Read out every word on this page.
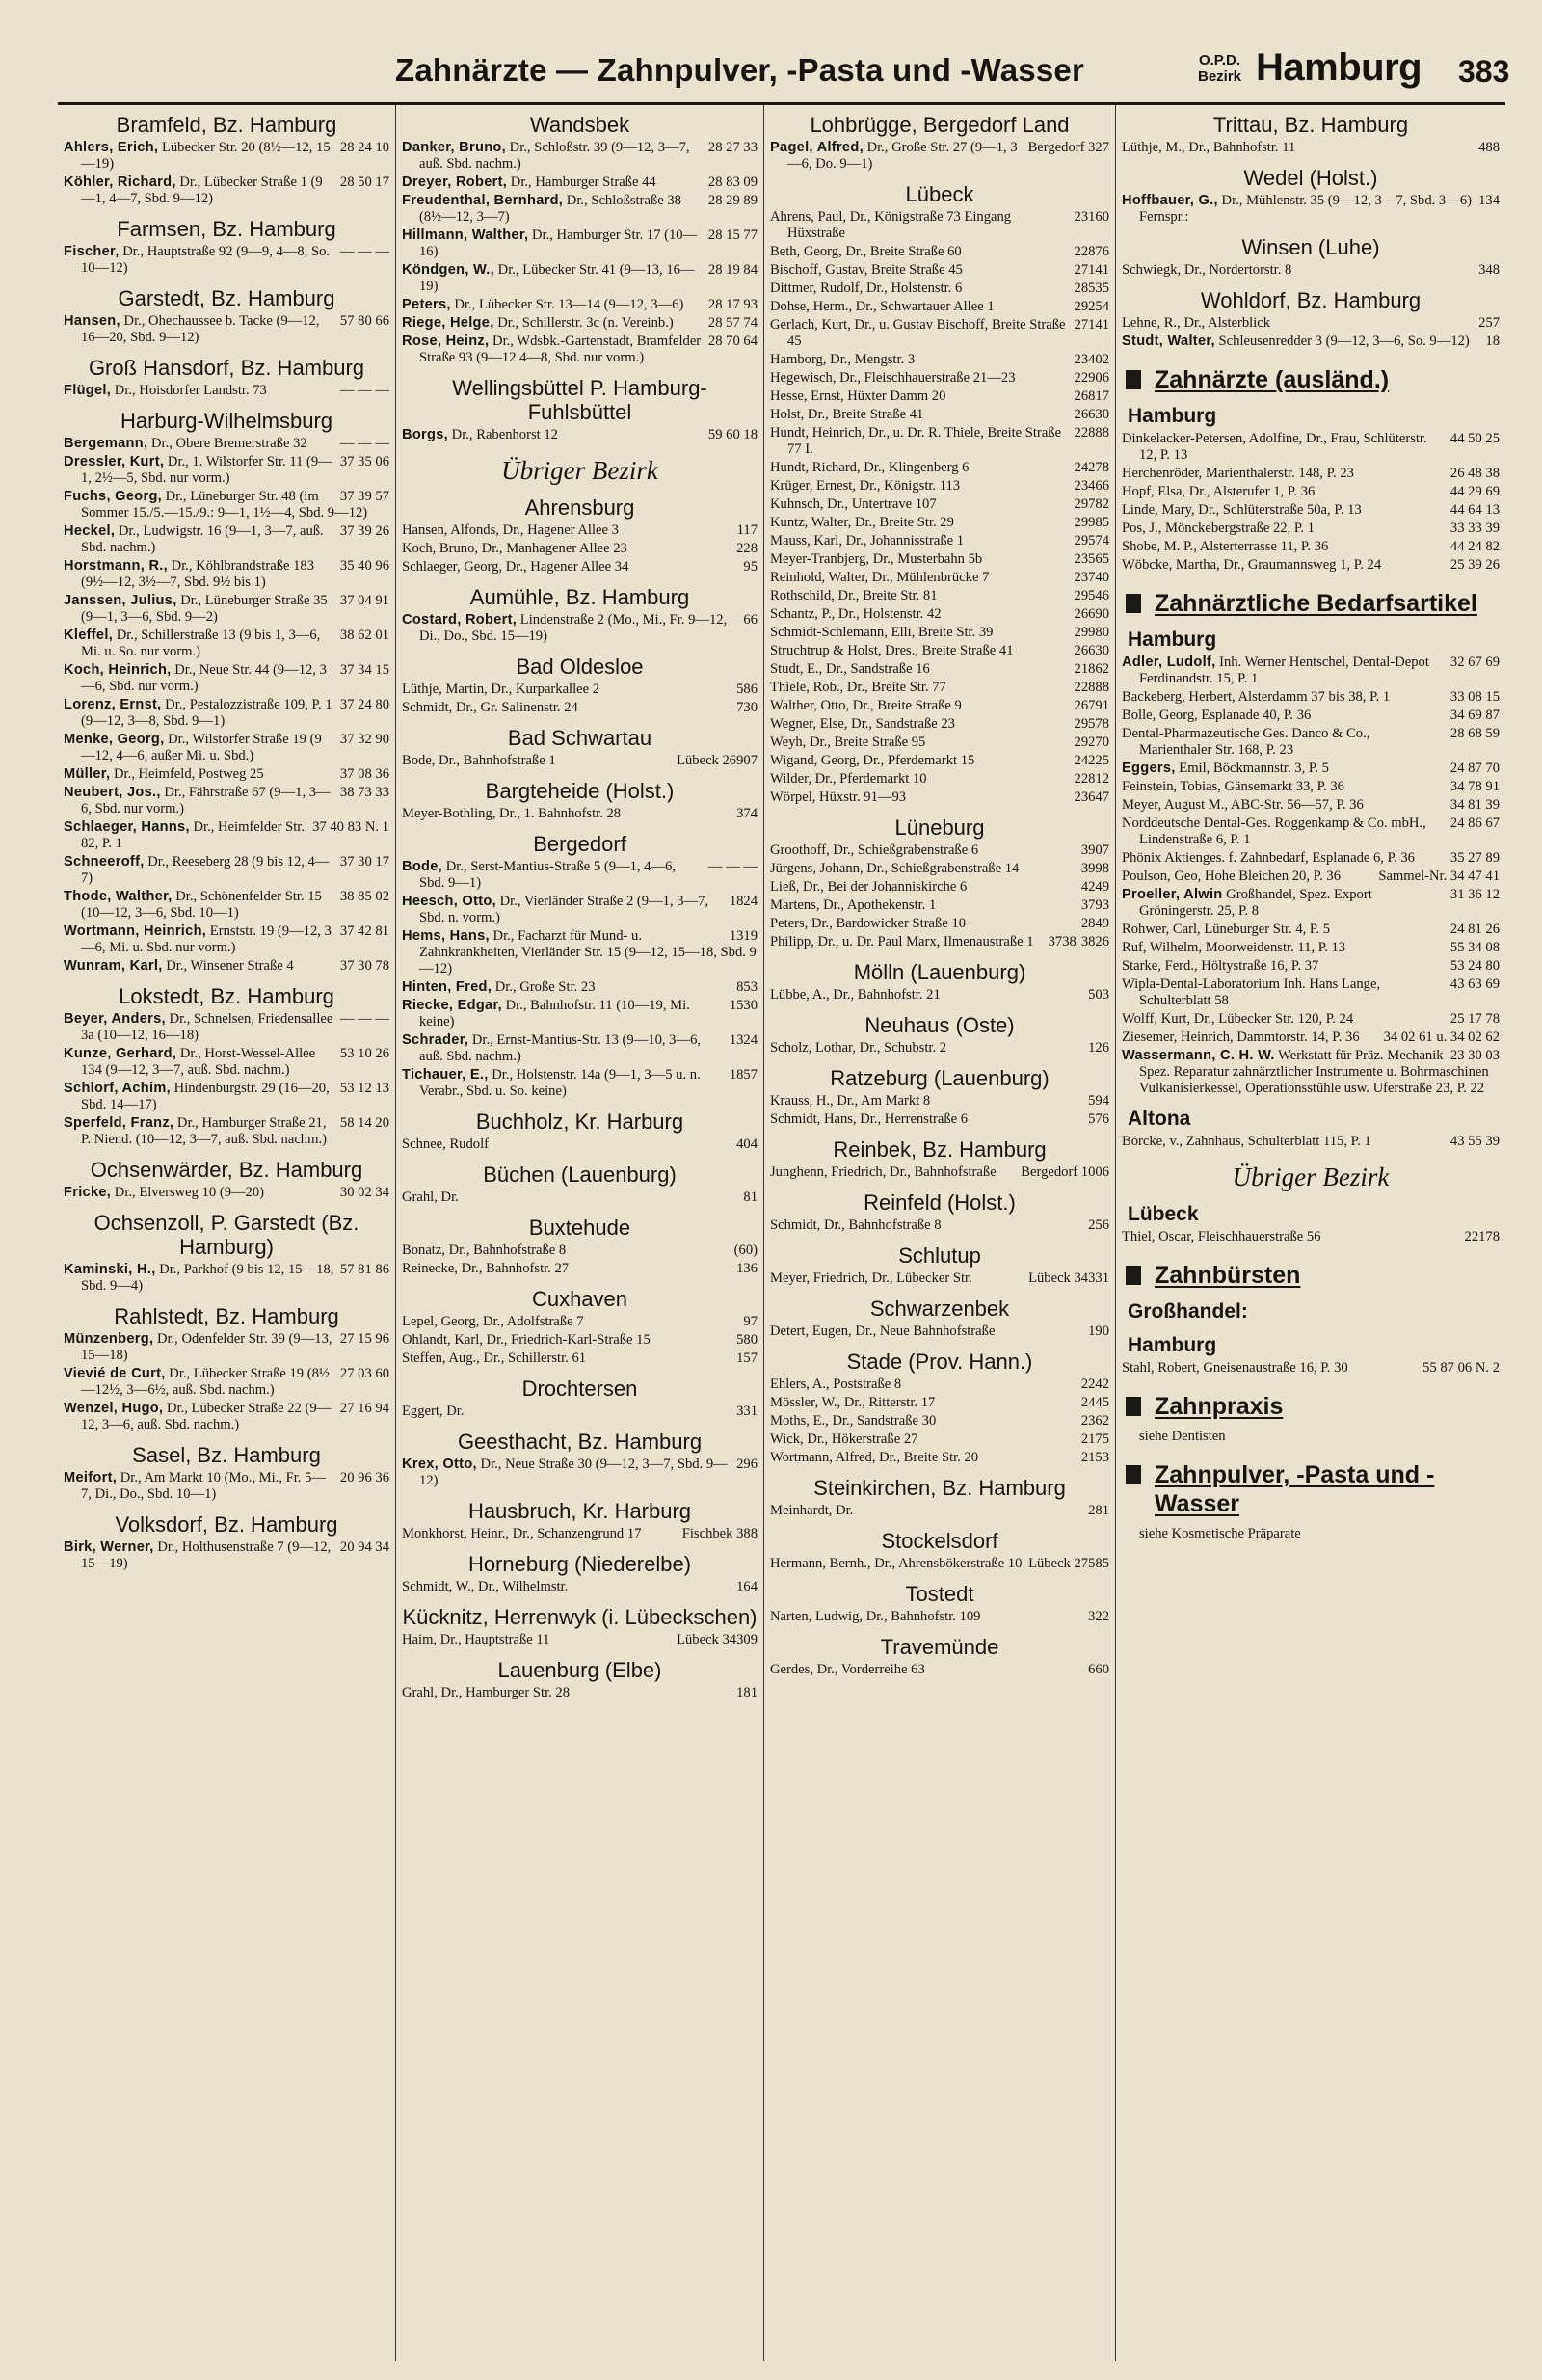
Zahnärzte — Zahnpulver, -Pasta und -Wasser	O.P.D.
Bezirk Hamburg 383
Bramfeld, Bz. Hamburg
28 24 10
Ahlers, Erich, Lübecker Str. 20 (8½—12, 15—19)
28 50 17
Köhler, Richard, Dr., Lübecker Straße 1 (9—1, 4—7, Sbd. 9—12)
Farmsen, Bz. Hamburg
— — —
Fischer, Dr., Hauptstraße 92 (9—9, 4—8, So. 10—12)
Garstedt, Bz. Hamburg
57 80 66
Hansen, Dr., Ohechaussee b. Tacke (9—12, 16—20, Sbd. 9—12)
Groß Hansdorf, Bz. Hamburg
— — —
Flügel, Dr., Hoisdorfer Landstr. 73
Harburg-Wilhelmsburg
— — —
Bergemann, Dr., Obere Bremerstraße 32
37 35 06
Dressler, Kurt, Dr., 1. Wilstorfer Str. 11 (9—1, 2½—5, Sbd. nur vorm.)
37 39 57
Fuchs, Georg, Dr., Lüneburger Str. 48 (im Sommer 15./5.—15./9.: 9—1, 1½—4, Sbd. 9—12)
37 39 26
Heckel, Dr., Ludwigstr. 16 (9—1, 3—7, auß. Sbd. nachm.)
35 40 96
Horstmann, R., Dr., Köhlbrandstraße 183 (9½—12, 3½—7, Sbd. 9½ bis 1)
37 04 91
Janssen, Julius, Dr., Lüneburger Straße 35 (9—1, 3—6, Sbd. 9—2)
38 62 01
Kleffel, Dr., Schillerstraße 13 (9 bis 1, 3—6, Mi. u. So. nur vorm.)
37 34 15
Koch, Heinrich, Dr., Neue Str. 44 (9—12, 3—6, Sbd. nur vorm.)
37 24 80
Lorenz, Ernst, Dr., Pestalozzistraße 109, P. 1 (9—12, 3—8, Sbd. 9—1)
37 32 90
Menke, Georg, Dr., Wilstorfer Straße 19 (9—12, 4—6, außer Mi. u. Sbd.)
37 08 36
Müller, Dr., Heimfeld, Postweg 25
38 73 33
Neubert, Jos., Dr., Fährstraße 67 (9—1, 3—6, Sbd. nur vorm.)
37 40 83 N. 1
Schlaeger, Hanns, Dr., Heimfelder Str. 82, P. 1
37 30 17
Schneeroff, Dr., Reeseberg 28 (9 bis 12, 4—7)
38 85 02
Thode, Walther, Dr., Schönenfelder Str. 15 (10—12, 3—6, Sbd. 10—1)
37 42 81
Wortmann, Heinrich, Ernststr. 19 (9—12, 3—6, Mi. u. Sbd. nur vorm.)
37 30 78
Wunram, Karl, Dr., Winsener Straße 4
Lokstedt, Bz. Hamburg
— — —
Beyer, Anders, Dr., Schnelsen, Friedensallee 3a (10—12, 16—18)
53 10 26
Kunze, Gerhard, Dr., Horst-Wessel-Allee 134 (9—12, 3—7, auß. Sbd. nachm.)
53 12 13
Schlorf, Achim, Hindenburgstr. 29 (16—20, Sbd. 14—17)
58 14 20
Sperfeld, Franz, Dr., Hamburger Straße 21, P. Niend. (10—12, 3—7, auß. Sbd. nachm.)
Ochsenwärder, Bz. Hamburg
30 02 34
Fricke, Dr., Elversweg 10 (9—20)
Ochsenzoll, P. Garstedt (Bz. Hamburg)
57 81 86
Kaminski, H., Dr., Parkhof (9 bis 12, 15—18, Sbd. 9—4)
Rahlstedt, Bz. Hamburg
27 15 96
Münzenberg, Dr., Odenfelder Str. 39 (9—13, 15—18)
27 03 60
Vievié de Curt, Dr., Lübecker Straße 19 (8½—12½, 3—6½, auß. Sbd. nachm.)
27 16 94
Wenzel, Hugo, Dr., Lübecker Straße 22 (9—12, 3—6, auß. Sbd. nachm.)
Sasel, Bz. Hamburg
20 96 36
Meifort, Dr., Am Markt 10 (Mo., Mi., Fr. 5—7, Di., Do., Sbd. 10—1)
Volksdorf, Bz. Hamburg
20 94 34
Birk, Werner, Dr., Holthusenstraße 7 (9—12, 15—19)
Wandsbek
28 27 33
Danker, Bruno, Dr., Schloßstr. 39 (9—12, 3—7, auß. Sbd. nachm.)
28 83 09
Dreyer, Robert, Dr., Hamburger Straße 44
28 29 89
Freudenthal, Bernhard, Dr., Schloßstraße 38 (8½—12, 3—7)
28 15 77
Hillmann, Walther, Dr., Hamburger Str. 17 (10—16)
28 19 84
Köndgen, W., Dr., Lübecker Str. 41 (9—13, 16—19)
28 17 93
Peters, Dr., Lübecker Str. 13—14 (9—12, 3—6)
28 57 74
Riege, Helge, Dr., Schillerstr. 3c (n. Vereinb.)
28 70 64
Rose, Heinz, Dr., Wdsbk.-Gartenstadt, Bramfelder Straße 93 (9—12 4—8, Sbd. nur vorm.)
Wellingsbüttel P. Hamburg-Fuhlsbüttel
59 60 18
Borgs, Dr., Rabenhorst 12
Übriger Bezirk
Ahrensburg
117
Hansen, Alfonds, Dr., Hagener Allee 3
228
Koch, Bruno, Dr., Manhagener Allee 23
95
Schlaeger, Georg, Dr., Hagener Allee 34
Aumühle, Bz. Hamburg
66
Costard, Robert, Lindenstraße 2 (Mo., Mi., Fr. 9—12, Di., Do., Sbd. 15—19)
Bad Oldesloe
586
Lüthje, Martin, Dr., Kurparkallee 2
730
Schmidt, Dr., Gr. Salinenstr. 24
Bad Schwartau
Lübeck 26907
Bode, Dr., Bahnhofstraße 1
Bargteheide (Holst.)
374
Meyer-Bothling, Dr., 1. Bahnhofstr. 28
Bergedorf
— — —
Bode, Dr., Serst-Mantius-Straße 5 (9—1, 4—6, Sbd. 9—1)
1824
Heesch, Otto, Dr., Vierländer Straße 2 (9—1, 3—7, Sbd. n. vorm.)
1319
Hems, Hans, Dr., Facharzt für Mund- u. Zahnkrankheiten, Vierländer Str. 15 (9—12, 15—18, Sbd. 9—12)
853
Hinten, Fred, Dr., Große Str. 23
1530
Riecke, Edgar, Dr., Bahnhofstr. 11 (10—19, Mi. keine)
1324
Schrader, Dr., Ernst-Mantius-Str. 13 (9—10, 3—6, auß. Sbd. nachm.)
1857
Tichauer, E., Dr., Holstenstr. 14a (9—1, 3—5 u. n. Verabr., Sbd. u. So. keine)
Buchholz, Kr. Harburg
404
Schnee, Rudolf
Büchen (Lauenburg)
81
Grahl, Dr.
Buxtehude
(60)
Bonatz, Dr., Bahnhofstraße 8
136
Reinecke, Dr., Bahnhofstr. 27
Cuxhaven
97
Lepel, Georg, Dr., Adolfstraße 7
580
Ohlandt, Karl, Dr., Friedrich-Karl-Straße 15
157
Steffen, Aug., Dr., Schillerstr. 61
Drochtersen
331
Eggert, Dr.
Geesthacht, Bz. Hamburg
296
Krex, Otto, Dr., Neue Straße 30 (9—12, 3—7, Sbd. 9—12)
Hausbruch, Kr. Harburg
Fischbek 388
Monkhorst, Heinr., Dr., Schanzengrund 17
Horneburg (Niederelbe)
164
Schmidt, W., Dr., Wilhelmstr.
Kücknitz, Herrenwyk (i. Lübeckschen)
Lübeck 34309
Haim, Dr., Hauptstraße 11
Lauenburg (Elbe)
181
Grahl, Dr., Hamburger Str. 28
Lohbrügge, Bergedorf Land
Bergedorf 327
Pagel, Alfred, Dr., Große Str. 27 (9—1, 3—6, Do. 9—1)
Lübeck
23160
Ahrens, Paul, Dr., Königstraße 73 Eingang Hüxstraße
22876
Beth, Georg, Dr., Breite Straße 60
27141
Bischoff, Gustav, Breite Straße 45
28535
Dittmer, Rudolf, Dr., Holstenstr. 6
29254
Dohse, Herm., Dr., Schwartauer Allee 1
27141
Gerlach, Kurt, Dr., u. Gustav Bischoff, Breite Straße 45
23402
Hamborg, Dr., Mengstr. 3
22906
Hegewisch, Dr., Fleischhauerstraße 21—23
26817
Hesse, Ernst, Hüxter Damm 20
26630
Holst, Dr., Breite Straße 41
22888
Hundt, Heinrich, Dr., u. Dr. R. Thiele, Breite Straße 77 I.
24278
Hundt, Richard, Dr., Klingenberg 6
23466
Krüger, Ernest, Dr., Königstr. 113
29782
Kuhnsch, Dr., Untertrave 107
29985
Kuntz, Walter, Dr., Breite Str. 29
29574
Mauss, Karl, Dr., Johannisstraße 1
23565
Meyer-Tranbjerg, Dr., Musterbahn 5b
23740
Reinhold, Walter, Dr., Mühlenbrücke 7
29546
Rothschild, Dr., Breite Str. 81
26690
Schantz, P., Dr., Holstenstr. 42
29980
Schmidt-Schlemann, Elli, Breite Str. 39
26630
Struchtrup & Holst, Dres., Breite Straße 41
21862
Studt, E., Dr., Sandstraße 16
22888
Thiele, Rob., Dr., Breite Str. 77
26791
Walther, Otto, Dr., Breite Straße 9
29578
Wegner, Else, Dr., Sandstraße 23
29270
Weyh, Dr., Breite Straße 95
24225
Wigand, Georg, Dr., Pferdemarkt 15
22812
Wilder, Dr., Pferdemarkt 10
23647
Wörpel, Hüxstr. 91—93
Lüneburg
3907
Groothoff, Dr., Schießgrabenstraße 6
3998
Jürgens, Johann, Dr., Schießgrabenstraße 14
4249
Ließ, Dr., Bei der Johanniskirche 6
3793
Martens, Dr., Apothekenstr. 1
2849
Peters, Dr., Bardowicker Straße 10
3826
3738
Philipp, Dr., u. Dr. Paul Marx, Ilmenaustraße 1
Mölln (Lauenburg)
503
Lübbe, A., Dr., Bahnhofstr. 21
Neuhaus (Oste)
126
Scholz, Lothar, Dr., Schubstr. 2
Ratzeburg (Lauenburg)
594
Krauss, H., Dr., Am Markt 8
576
Schmidt, Hans, Dr., Herrenstraße 6
Reinbek, Bz. Hamburg
Bergedorf 1006
Junghenn, Friedrich, Dr., Bahnhofstraße
Reinfeld (Holst.)
256
Schmidt, Dr., Bahnhofstraße 8
Schlutup
Lübeck 34331
Meyer, Friedrich, Dr., Lübecker Str.
Schwarzenbek
190
Detert, Eugen, Dr., Neue Bahnhofstraße
Stade (Prov. Hann.)
2242
Ehlers, A., Poststraße 8
2445
Mössler, W., Dr., Ritterstr. 17
2362
Moths, E., Dr., Sandstraße 30
2175
Wick, Dr., Hökerstraße 27
2153
Wortmann, Alfred, Dr., Breite Str. 20
Steinkirchen, Bz. Hamburg
281
Meinhardt, Dr.
Stockelsdorf
Lübeck 27585
Hermann, Bernh., Dr., Ahrensbökerstraße 10
Tostedt
322
Narten, Ludwig, Dr., Bahnhofstr. 109
Travemünde
660
Gerdes, Dr., Vorderreihe 63
Trittau, Bz. Hamburg
488
Lüthje, M., Dr., Bahnhofstr. 11
Wedel (Holst.)
134
Hoffbauer, G., Dr., Mühlenstr. 35 (9—12, 3—7, Sbd. 3—6) Fernspr.:
Winsen (Luhe)
348
Schwiegk, Dr., Nordertorstr. 8
Wohldorf, Bz. Hamburg
257
Lehne, R., Dr., Alsterblick
18
Studt, Walter, Schleusenredder 3 (9—12, 3—6, So. 9—12)
Zahnärzte (ausländ.)
Hamburg
44 50 25
Dinkelacker-Petersen, Adolfine, Dr., Frau, Schlüterstr. 12, P. 13
26 48 38
Herchenröder, Marienthalerstr. 148, P. 23
44 29 69
Hopf, Elsa, Dr., Alsterufer 1, P. 36
44 64 13
Linde, Mary, Dr., Schlüterstraße 50a, P. 13
33 33 39
Pos, J., Mönckebergstraße 22, P. 1
44 24 82
Shobe, M. P., Alsterterrasse 11, P. 36
25 39 26
Wöbcke, Martha, Dr., Graumannsweg 1, P. 24
Zahnärztliche Bedarfsartikel
Hamburg
32 67 69
Adler, Ludolf, Inh. Werner Hentschel, Dental-Depot Ferdinandstr. 15, P. 1
33 08 15
Backeberg, Herbert, Alsterdamm 37 bis 38, P. 1
34 69 87
Bolle, Georg, Esplanade 40, P. 36
28 68 59
Dental-Pharmazeutische Ges. Danco & Co., Marienthaler Str. 168, P. 23
24 87 70
Eggers, Emil, Böckmannstr. 3, P. 5
34 78 91
Feinstein, Tobias, Gänsemarkt 33, P. 36
34 81 39
Meyer, August M., ABC-Str. 56—57, P. 36
24 86 67
Norddeutsche Dental-Ges. Roggenkamp & Co. mbH., Lindenstraße 6, P. 1
35 27 89
Phönix Aktienges. f. Zahnbedarf, Esplanade 6, P. 36
Sammel-Nr. 34 47 41
Poulson, Geo, Hohe Bleichen 20, P. 36
31 36 12
Proeller, Alwin Großhandel, Spez. Export Gröningerstr. 25, P. 8
24 81 26
Rohwer, Carl, Lüneburger Str. 4, P. 5
55 34 08
Ruf, Wilhelm, Moorweidenstr. 11, P. 13
53 24 80
Starke, Ferd., Höltystraße 16, P. 37
43 63 69
Wipla-Dental-Laboratorium Inh. Hans Lange, Schulterblatt 58
25 17 78
Wolff, Kurt, Dr., Lübecker Str. 120, P. 24
34 02 61 u. 34 02 62
Ziesemer, Heinrich, Dammtorstr. 14, P. 36
23 30 03
Wassermann, C. H. W. Werkstatt für Präz. Mechanik Spez. Reparatur zahnärztlicher Instrumente u. Bohrmaschinen Vulkanisierkessel, Operationsstühle usw. Uferstraße 23, P. 22
Altona
43 55 39
Borcke, v., Zahnhaus, Schulterblatt 115, P. 1
Übriger Bezirk
Lübeck
22178
Thiel, Oscar, Fleischhauerstraße 56
Zahnbürsten
Großhandel:
Hamburg
55 87 06 N. 2
Stahl, Robert, Gneisenaustraße 16, P. 30
Zahnpraxis
siehe Dentisten
Zahnpulver, -Pasta und -Wasser
siehe Kosmetische Präparate
